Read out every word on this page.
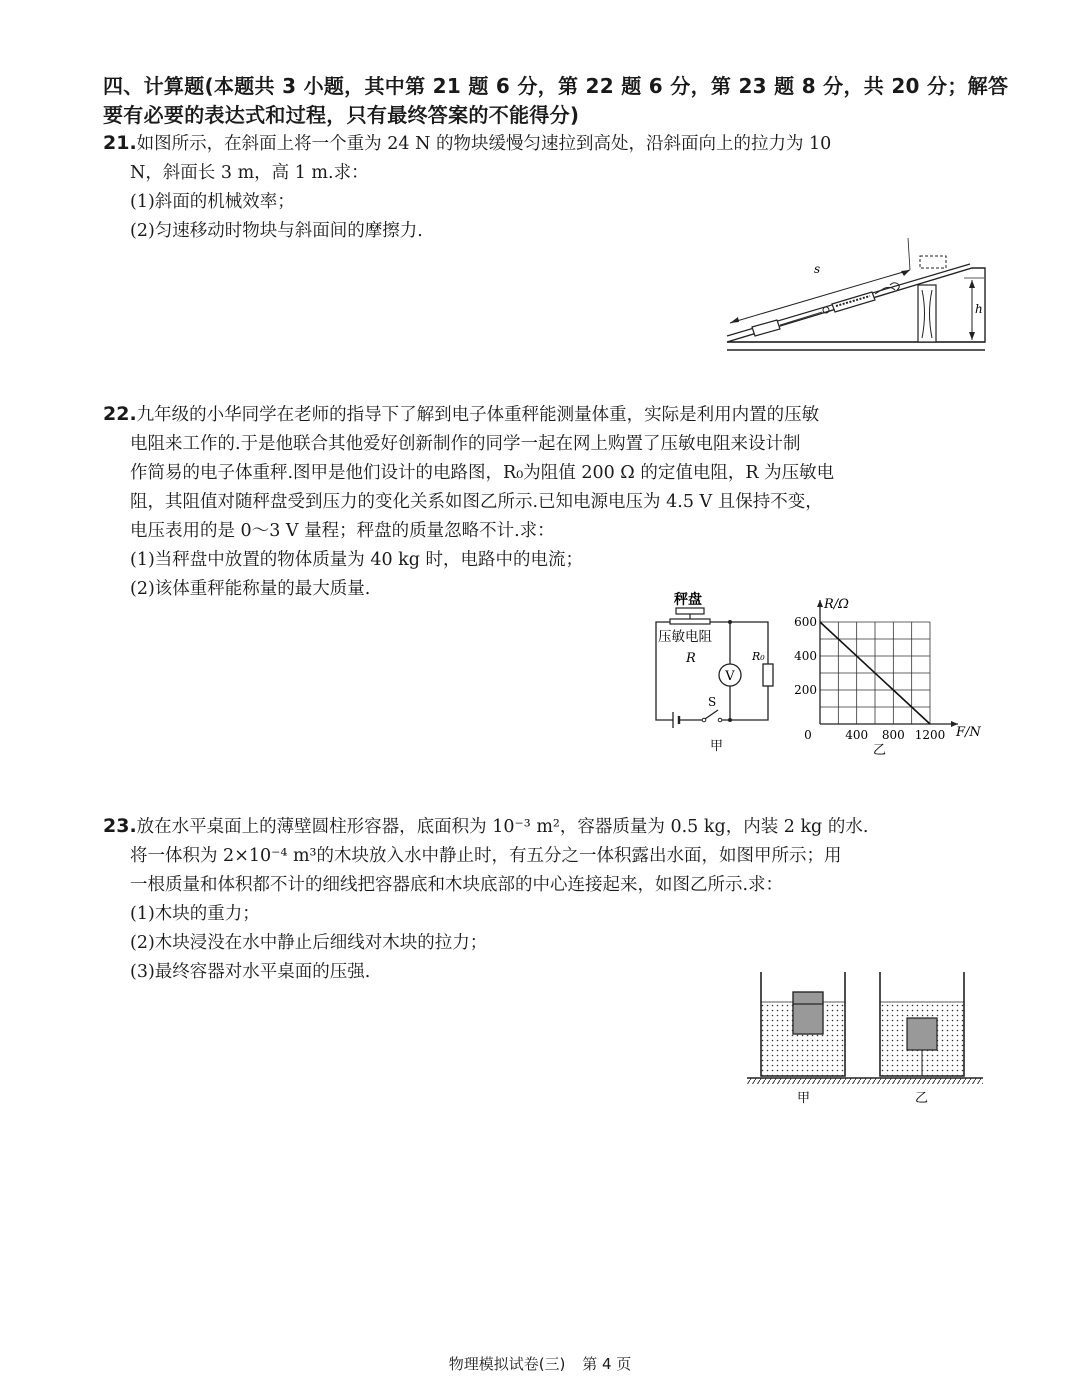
四、计算题(本题共 3 小题，其中第 21 题 6 分，第 22 题 6 分，第 23 题 8 分，共 20 分；解答
要有必要的表达式和过程，只有最终答案的不能得分)
21.如图所示，在斜面上将一个重为 24 N 的物块缓慢匀速拉到高处，沿斜面向上的拉力为 10
N，斜面长 3 m，高 1 m.求：
(1)斜面的机械效率；
(2)匀速移动时物块与斜面间的摩擦力.
s
h
22.九年级的小华同学在老师的指导下了解到电子体重秤能测量体重，实际是利用内置的压敏
电阻来工作的.于是他联合其他爱好创新制作的同学一起在网上购置了压敏电阻来设计制
作简易的电子体重秤.图甲是他们设计的电路图，R₀为阻值 200 Ω 的定值电阻，R 为压敏电
阻，其阻值对随秤盘受到压力的变化关系如图乙所示.已知电源电压为 4.5 V 且保持不变，
电压表用的是 0～3 V 量程；秤盘的质量忽略不计.求：
(1)当秤盘中放置的物体质量为 40 kg 时，电路中的电流；
(2)该体重秤能称量的最大质量.
秤盘
压敏电阻
R
V
R₀
S
甲
200
400
600
0	400 800 1200
R/Ω
F/N
乙
23.放在水平桌面上的薄壁圆柱形容器，底面积为 10⁻³ m²，容器质量为 0.5 kg，内装 2 kg 的水.
将一体积为 2×10⁻⁴ m³的木块放入水中静止时，有五分之一体积露出水面，如图甲所示；用
一根质量和体积都不计的细线把容器底和木块底部的中心连接起来，如图乙所示.求：
(1)木块的重力；
(2)木块浸没在水中静止后细线对木块的拉力；
(3)最终容器对水平桌面的压强.
甲	乙
物理模拟试卷(三) 第 4 页
